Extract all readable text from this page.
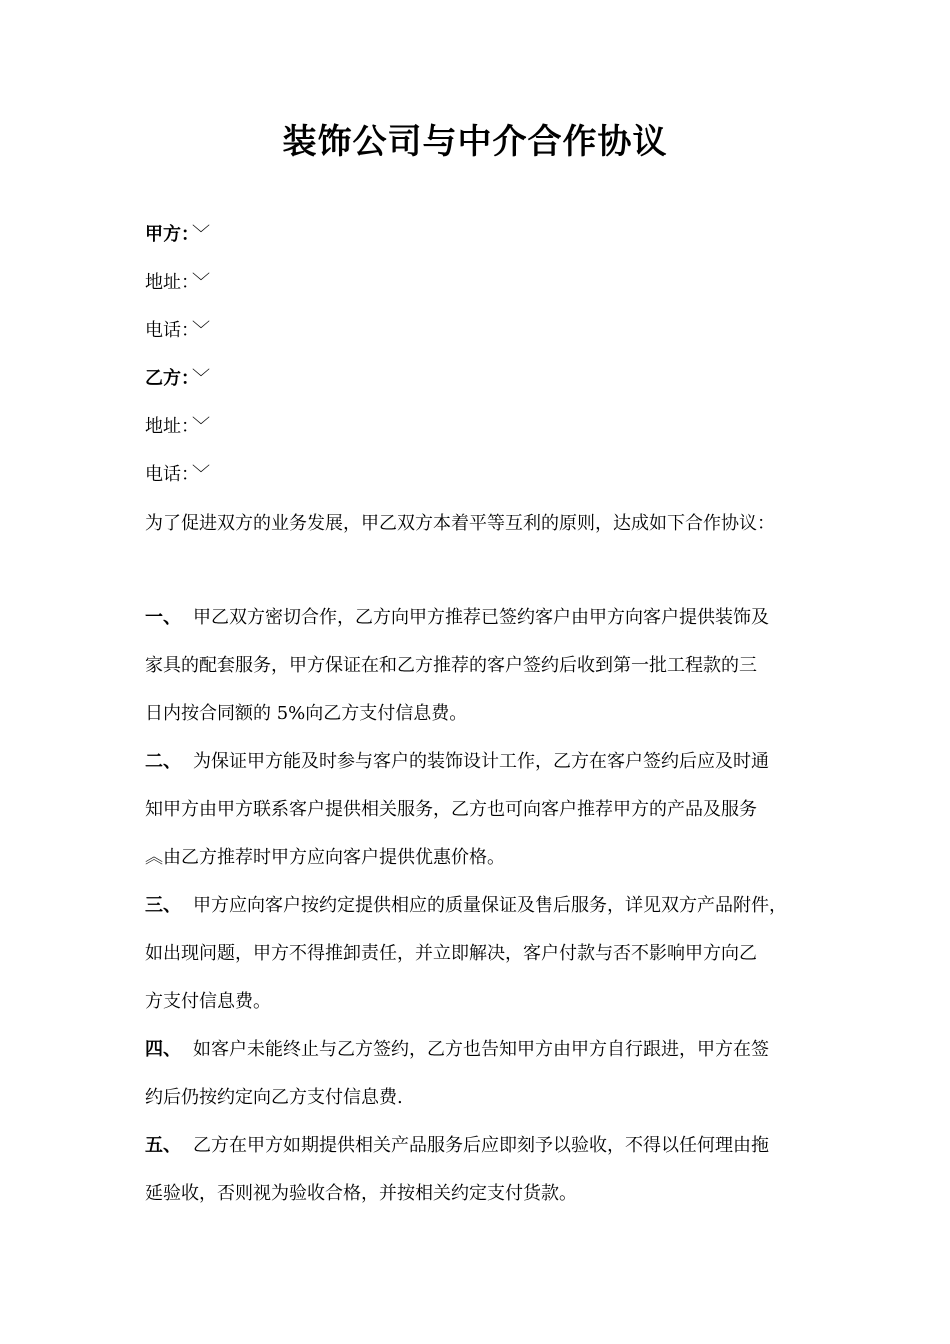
装饰公司与中介合作协议
甲方： ﹀
地址： ﹀
电话： ﹀
乙方： ﹀
地址： ﹀
电话： ﹀
为了促进双方的业务发展，甲乙双方本着平等互利的原则，达成如下合作协议：
一、 甲乙双方密切合作，乙方向甲方推荐已签约客户由甲方向客户提供装饰及
家具的配套服务，甲方保证在和乙方推荐的客户签约后收到第一批工程款的三
日内按合同额的 5%向乙方支付信息费。
二、 为保证甲方能及时参与客户的装饰设计工作，乙方在客户签约后应及时通
知甲方由甲方联系客户提供相关服务，乙方也可向客户推荐甲方的产品及服务
︽由乙方推荐时甲方应向客户提供优惠价格。
三、 甲方应向客户按约定提供相应的质量保证及售后服务，详见双方产品附件，
如出现问题，甲方不得推卸责任，并立即解决，客户付款与否不影响甲方向乙
方支付信息费。
四、 如客户未能终止与乙方签约，乙方也告知甲方由甲方自行跟进，甲方在签
约后仍按约定向乙方支付信息费.
五、 乙方在甲方如期提供相关产品服务后应即刻予以验收，不得以任何理由拖
延验收，否则视为验收合格，并按相关约定支付货款。
